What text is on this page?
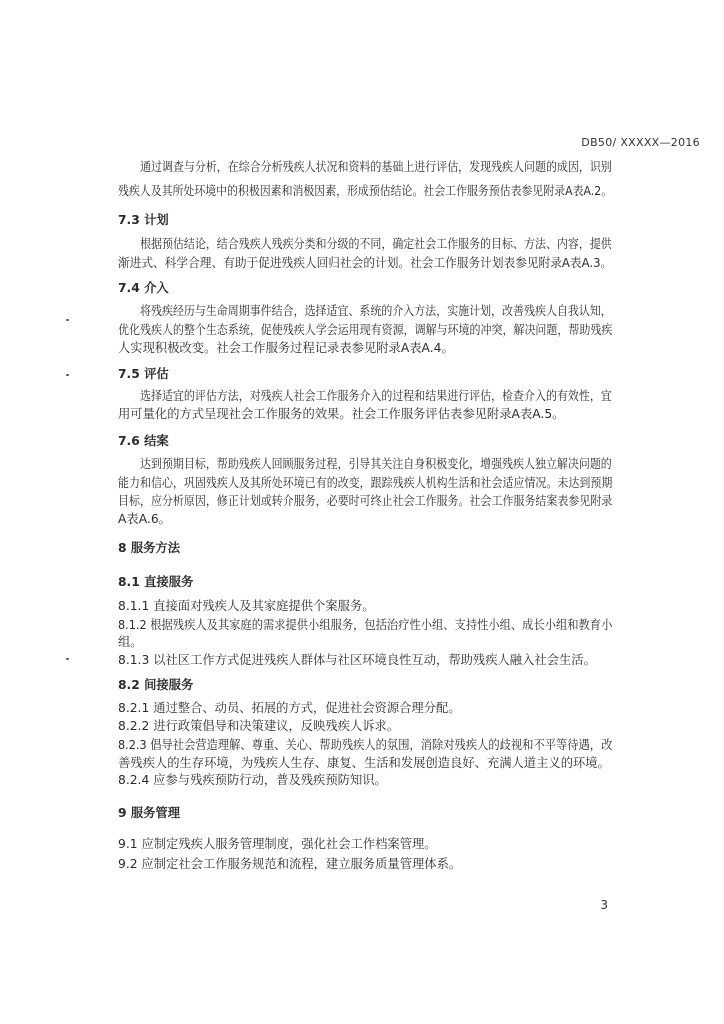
DB50/ XXXXX—2016
通过调查与分析，在综合分析残疾人状况和资料的基础上进行评估，发现残疾人问题的成因，识别
残疾人及其所处环境中的积极因素和消极因素，形成预估结论。社会工作服务预估表参见附录A表A.2。
7.3 计划
根据预估结论，结合残疾人残疾分类和分级的不同，确定社会工作服务的目标、方法、内容，提供
渐进式、科学合理、有助于促进残疾人回归社会的计划。社会工作服务计划表参见附录A表A.3。
7.4 介入
将残疾经历与生命周期事件结合，选择适宜、系统的介入方法，实施计划，改善残疾人自我认知，
优化残疾人的整个生态系统，促使残疾人学会运用现有资源，调解与环境的冲突，解决问题，帮助残疾
人实现积极改变。社会工作服务过程记录表参见附录A表A.4。
7.5 评估
选择适宜的评估方法，对残疾人社会工作服务介入的过程和结果进行评估，检查介入的有效性，宜
用可量化的方式呈现社会工作服务的效果。社会工作服务评估表参见附录A表A.5。
7.6 结案
达到预期目标，帮助残疾人回顾服务过程，引导其关注自身积极变化，增强残疾人独立解决问题的
能力和信心，巩固残疾人及其所处环境已有的改变，跟踪残疾人机构生活和社会适应情况。未达到预期
目标，应分析原因，修正计划或转介服务，必要时可终止社会工作服务。社会工作服务结案表参见附录
A表A.6。
8 服务方法
8.1 直接服务
8.1.1 直接面对残疾人及其家庭提供个案服务。
8.1.2 根据残疾人及其家庭的需求提供小组服务，包括治疗性小组、支持性小组、成长小组和教育小
组。
8.1.3 以社区工作方式促进残疾人群体与社区环境良性互动，帮助残疾人融入社会生活。
8.2 间接服务
8.2.1 通过整合、动员、拓展的方式，促进社会资源合理分配。
8.2.2 进行政策倡导和决策建议，反映残疾人诉求。
8.2.3 倡导社会营造理解、尊重、关心、帮助残疾人的氛围，消除对残疾人的歧视和不平等待遇，改
善残疾人的生存环境，为残疾人生存、康复、生活和发展创造良好、充满人道主义的环境。
8.2.4 应参与残疾预防行动，普及残疾预防知识。
9 服务管理
9.1 应制定残疾人服务管理制度，强化社会工作档案管理。
9.2 应制定社会工作服务规范和流程，建立服务质量管理体系。
3
